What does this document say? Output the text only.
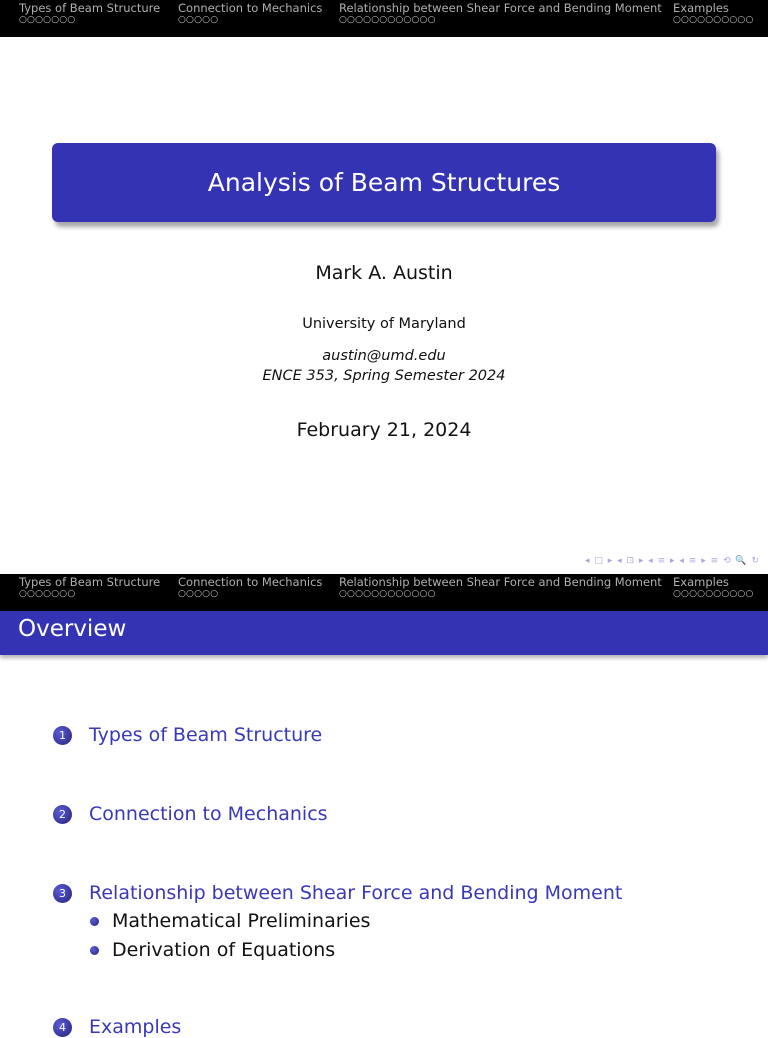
Types of Beam Structure
○○○○○○○
Connection to Mechanics
○○○○○
Relationship between Shear Force and Bending Moment
○○○○○○○○○○○○
Examples
○○○○○○○○○○
Analysis of Beam Structures
Mark A. Austin
University of Maryland
austin@umd.edu
ENCE 353, Spring Semester 2024
February 21, 2024
◂ □ ▸ ◂ ⊡ ▸ ◂ ≡ ▸ ◂ ≡ ▸ ≡ ⟲ 🔍 ↻
Types of Beam Structure
○○○○○○○
Connection to Mechanics
○○○○○
Relationship between Shear Force and Bending Moment
○○○○○○○○○○○○
Examples
○○○○○○○○○○
Overview
1	Types of Beam Structure
2	Connection to Mechanics
3	Relationship between Shear Force and Bending Moment
Mathematical Preliminaries
Derivation of Equations
4	Examples
